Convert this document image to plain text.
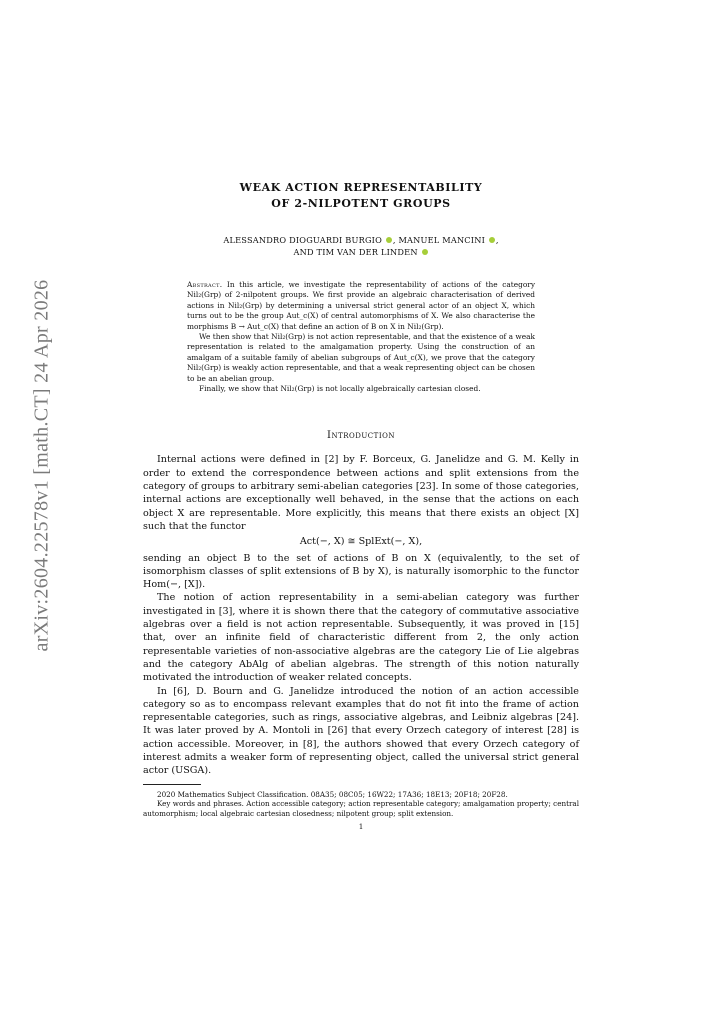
arXiv:2604.22578v1 [math.CT] 24 Apr 2026
WEAK ACTION REPRESENTABILITY
OF 2-NILPOTENT GROUPS
ALESSANDRO DIOGUARDI BURGIO , MANUEL MANCINI ,
AND TIM VAN DER LINDEN

Abstract. In this article, we investigate the representability of actions of the category Nil₂(Grp) of 2-nilpotent groups. We first provide an algebraic characterisation of derived actions in Nil₂(Grp) by determining a universal strict general actor of an object X, which turns out to be the group Aut_c(X) of central automorphisms of X. We also characterise the morphisms B → Aut_c(X) that define an action of B on X in Nil₂(Grp).

We then show that Nil₂(Grp) is not action representable, and that the existence of a weak representation is related to the amalgamation property. Using the construction of an amalgam of a suitable family of abelian subgroups of Aut_c(X), we prove that the category Nil₂(Grp) is weakly action representable, and that a weak representing object can be chosen to be an abelian group.

Finally, we show that Nil₂(Grp) is not locally algebraically cartesian closed.

Introduction

Internal actions were defined in [2] by F. Borceux, G. Janelidze and G. M. Kelly in order to extend the correspondence between actions and split extensions from the category of groups to arbitrary semi-abelian categories [23]. In some of those categories, internal actions are exceptionally well behaved, in the sense that the actions on each object X are representable. More explicitly, this means that there exists an object [X] such that the functor

Act(−, X) ≅ SplExt(−, X),

sending an object B to the set of actions of B on X (equivalently, to the set of isomorphism classes of split extensions of B by X), is naturally isomorphic to the functor Hom(−, [X]).

The notion of action representability in a semi-abelian category was further investigated in [3], where it is shown there that the category of commutative associative algebras over a field is not action representable. Subsequently, it was proved in [15] that, over an infinite field of characteristic different from 2, the only action representable varieties of non-associative algebras are the category Lie of Lie algebras and the category AbAlg of abelian algebras. The strength of this notion naturally motivated the introduction of weaker related concepts.

In [6], D. Bourn and G. Janelidze introduced the notion of an action accessible category so as to encompass relevant examples that do not fit into the frame of action representable categories, such as rings, associative algebras, and Leibniz algebras [24]. It was later proved by A. Montoli in [26] that every Orzech category of interest [28] is action accessible. Moreover, in [8], the authors showed that every Orzech category of interest admits a weaker form of representing object, called the universal strict general actor (USGA).

2020 Mathematics Subject Classification. 08A35; 08C05; 16W22; 17A36; 18E13; 20F18; 20F28.

Key words and phrases. Action accessible category; action representable category; amalgamation property; central automorphism; local algebraic cartesian closedness; nilpotent group; split extension.

1
